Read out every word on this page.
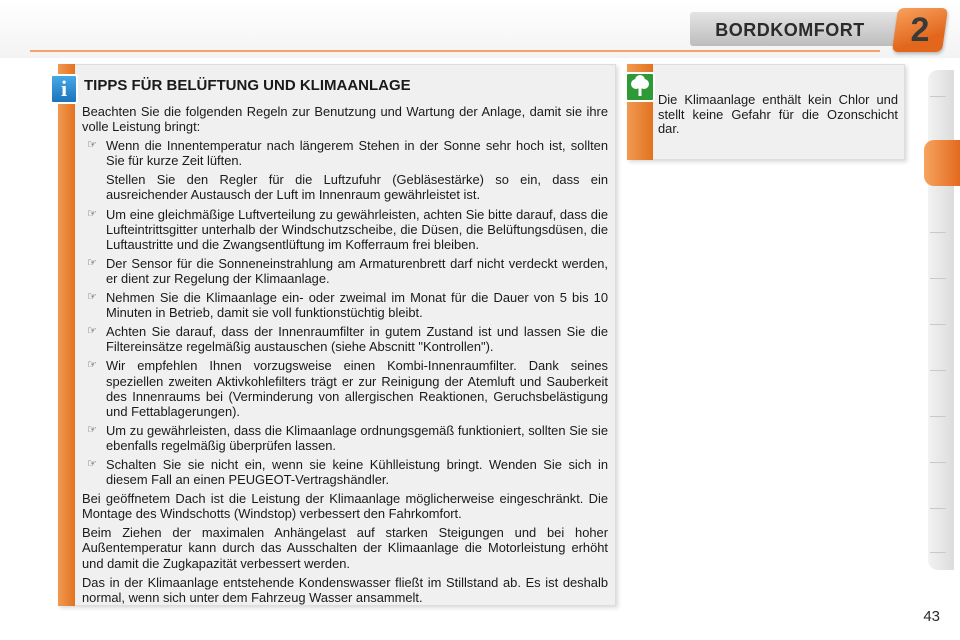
BORDKOMFORT	2
i	TIPPS FÜR BELÜFTUNG UND KLIMAANLAGE

Beachten Sie die folgenden Regeln zur Benutzung und Wartung der Anlage, damit sie ihre volle Leistung bringt:

☞ Wenn die Innentemperatur nach längerem Stehen in der Sonne sehr hoch ist, sollten Sie für kurze Zeit lüften.

Stellen Sie den Regler für die Luftzufuhr (Gebläsestärke) so ein, dass ein ausreichender Austausch der Luft im Innenraum gewährleistet ist.

☞ Um eine gleichmäßige Luftverteilung zu gewährleisten, achten Sie bitte darauf, dass die Lufteintrittsgitter unterhalb der Windschutzscheibe, die Düsen, die Belüftungsdüsen, die Luftaustritte und die Zwangsentlüftung im Kofferraum frei bleiben.
☞ Der Sensor für die Sonneneinstrahlung am Armaturenbrett darf nicht verdeckt werden, er dient zur Regelung der Klimaanlage.
☞ Nehmen Sie die Klimaanlage ein- oder zweimal im Monat für die Dauer von 5 bis 10 Minuten in Betrieb, damit sie voll funktionstüchtig bleibt.
☞ Achten Sie darauf, dass der Innenraumfilter in gutem Zustand ist und lassen Sie die Filtereinsätze regelmäßig austauschen (siehe Abscnitt "Kontrollen").
☞ Wir empfehlen Ihnen vorzugsweise einen Kombi-Innenraumfilter. Dank seines speziellen zweiten Aktivkohlefilters trägt er zur Reinigung der Atemluft und Sauberkeit des Innenraums bei (Verminderung von allergischen Reaktionen, Geruchsbelästigung und Fettablagerungen).
☞ Um zu gewährleisten, dass die Klimaanlage ordnungsgemäß funktioniert, sollten Sie sie ebenfalls regelmäßig überprüfen lassen.
☞ Schalten Sie sie nicht ein, wenn sie keine Kühlleistung bringt. Wenden Sie sich in diesem Fall an einen PEUGEOT-Vertragshändler.

Bei geöffnetem Dach ist die Leistung der Klimaanlage möglicherweise eingeschränkt. Die Montage des Windschotts (Windstop) verbessert den Fahrkomfort.

Beim Ziehen der maximalen Anhängelast auf starken Steigungen und bei hoher Außentemperatur kann durch das Ausschalten der Klimaanlage die Motorleistung erhöht und damit die Zugkapazität verbessert werden.

Das in der Klimaanlage entstehende Kondenswasser fließt im Stillstand ab. Es ist deshalb normal, wenn sich unter dem Fahrzeug Wasser ansammelt.

Die Klimaanlage enthält kein Chlor und stellt keine Gefahr für die Ozonschicht dar.
43
